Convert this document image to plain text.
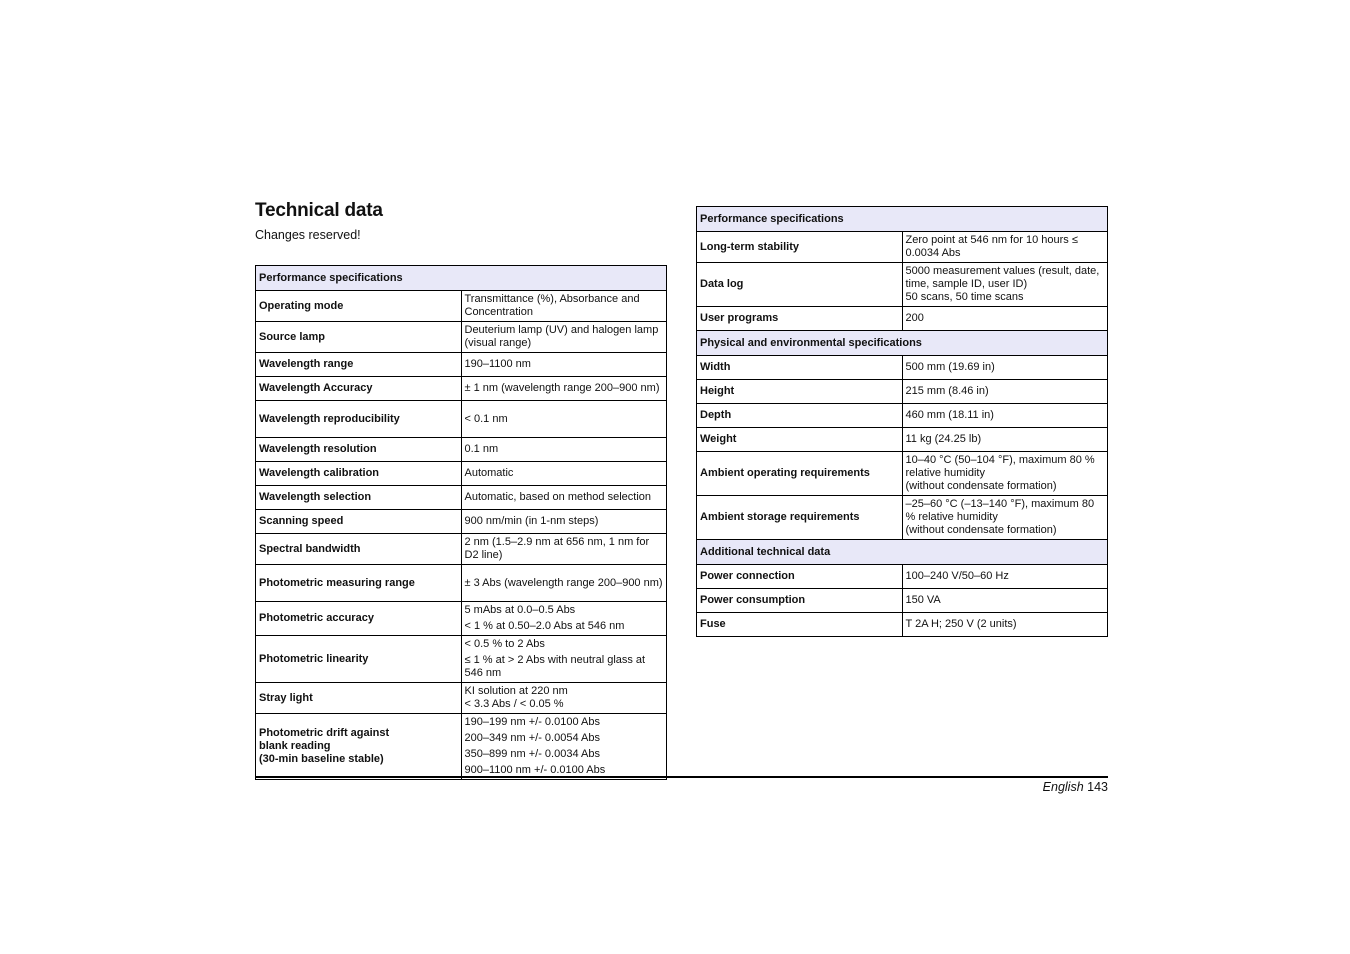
Technical data

Changes reserved!

Performance specifications	
Operating mode	Transmittance (%), Absorbance and Concentration

Source lamp	Deuterium lamp (UV) and halogen lamp (visual range)

Wavelength range	190–1100 nm

Wavelength Accuracy	± 1 nm (wavelength range 200–900 nm)

Wavelength reproducibility	< 0.1 nm

Wavelength resolution	0.1 nm

Wavelength calibration	Automatic

Wavelength selection	Automatic, based on method selection

Scanning speed	900 nm/min (in 1-nm steps)

Spectral bandwidth	2 nm (1.5–2.9 nm at 656 nm, 1 nm for D2 line)

Photometric measuring range	± 3 Abs (wavelength range 200–900 nm)

Photometric accuracy	5 mAbs at 0.0–0.5 Abs
< 1 % at 0.50–2.0 Abs at 546 nm

Photometric linearity	< 0.5 % to 2 Abs
≤ 1 % at > 2 Abs with neutral glass at 546 nm

Stray light	KI solution at 220 nm
< 3.3 Abs / < 0.05 %

Photometric drift against
blank reading
(30-min baseline stable)	190–199 nm +/- 0.0100 Abs
200–349 nm +/- 0.0054 Abs
350–899 nm +/- 0.0034 Abs
900–1100 nm +/- 0.0100 Abs
Performance specifications	
Long-term stability	Zero point at 546 nm for 10 hours ≤ 0.0034 Abs

Data log	5000 measurement values (result, date, time, sample ID, user ID)
50 scans, 50 time scans

User programs	200

Physical and environmental specifications	
Width	500 mm (19.69 in)

Height	215 mm (8.46 in)

Depth	460 mm (18.11 in)

Weight	11 kg (24.25 lb)

Ambient operating requirements	10–40 °C (50–104 °F), maximum 80 % relative humidity
(without condensate formation)

Ambient storage requirements	–25–60 °C (–13–140 °F), maximum 80 % relative humidity
(without condensate formation)

Additional technical data	
Power connection	100–240 V/50–60 Hz

Power consumption	150 VA

Fuse	T 2A H; 250 V (2 units)
English 143
